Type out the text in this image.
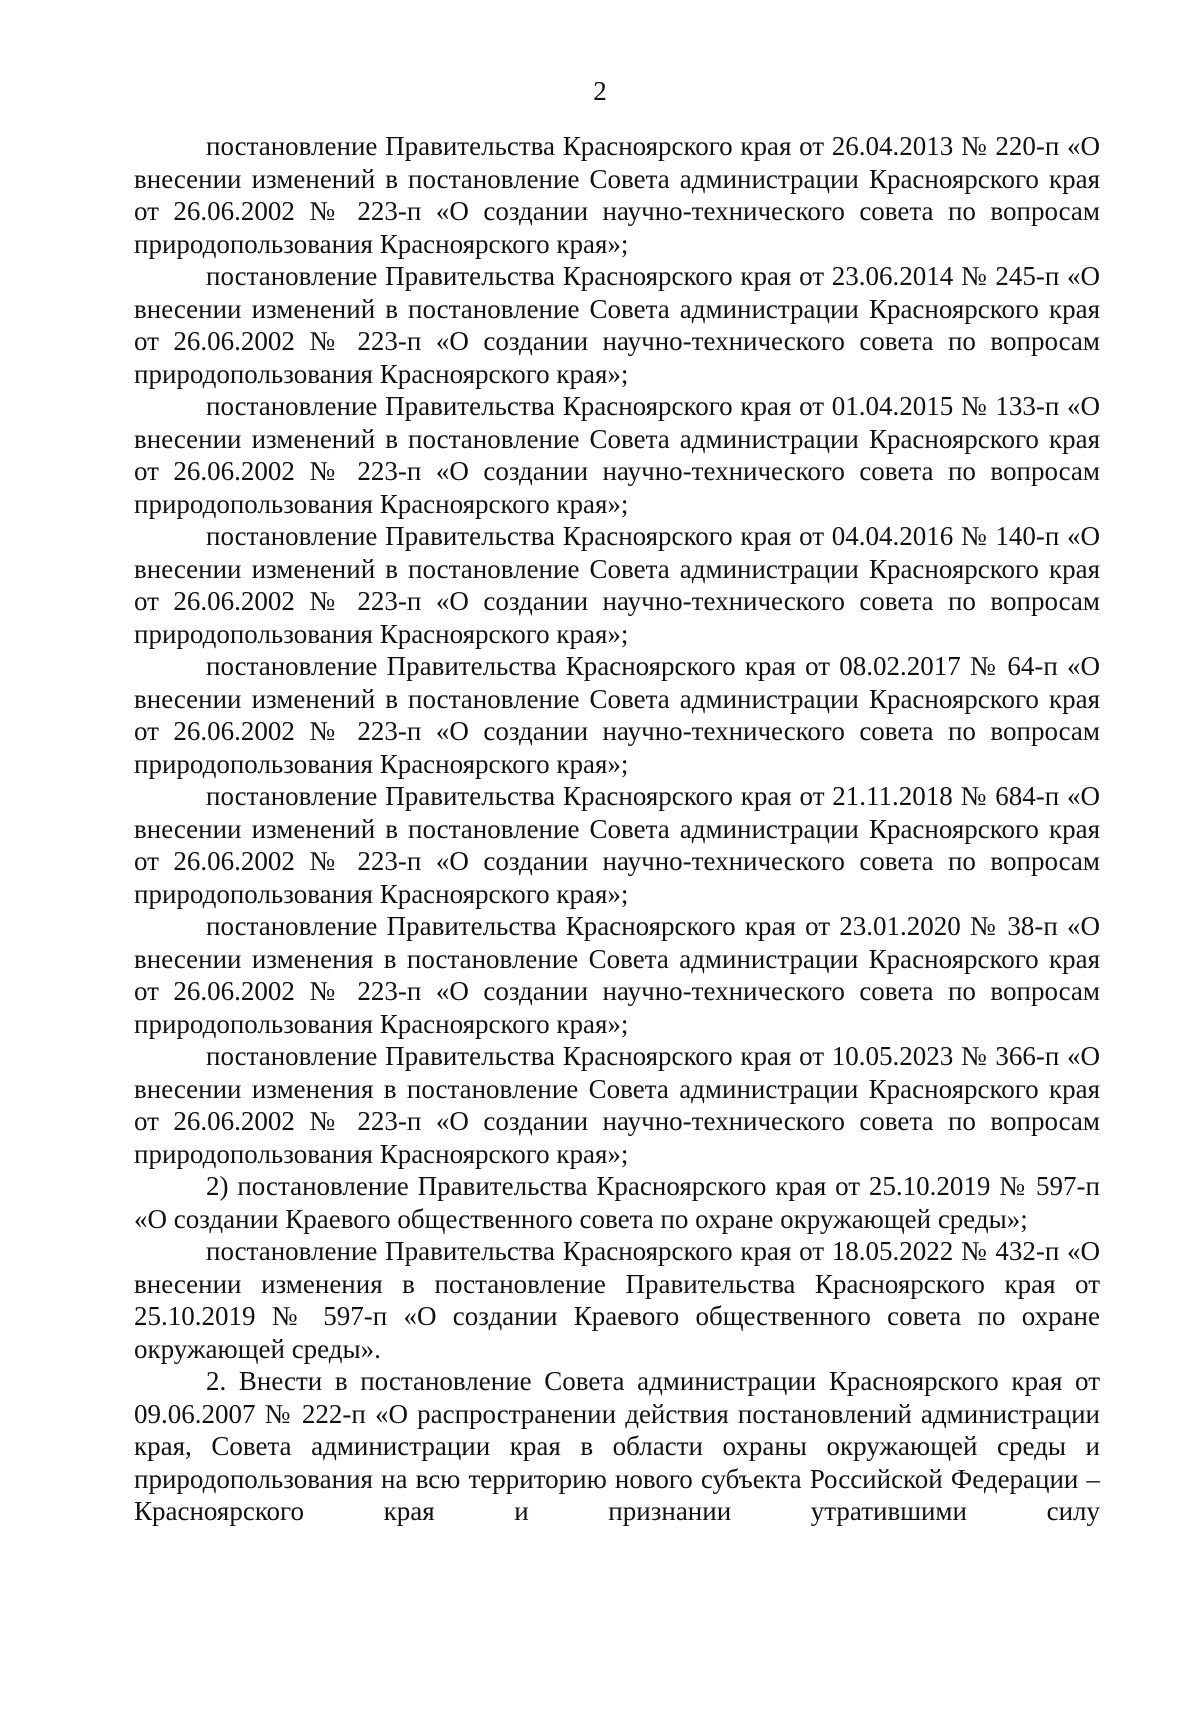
2

постановление Правительства Красноярского края от 26.04.2013 № 220-п «О внесении изменений в постановление Совета администрации Красноярского края от 26.06.2002 № 223-п «О создании научно-технического совета по вопросам природопользования Красноярского края»;

постановление Правительства Красноярского края от 23.06.2014 № 245-п «О внесении изменений в постановление Совета администрации Красноярского края от 26.06.2002 № 223-п «О создании научно-технического совета по вопросам природопользования Красноярского края»;

постановление Правительства Красноярского края от 01.04.2015 № 133-п «О внесении изменений в постановление Совета администрации Красноярского края от 26.06.2002 № 223-п «О создании научно-технического совета по вопросам природопользования Красноярского края»;

постановление Правительства Красноярского края от 04.04.2016 № 140-п «О внесении изменений в постановление Совета администрации Красноярского края от 26.06.2002 № 223-п «О создании научно-технического совета по вопросам природопользования Красноярского края»;

постановление Правительства Красноярского края от 08.02.2017 № 64-п «О внесении изменений в постановление Совета администрации Красноярского края от 26.06.2002 № 223-п «О создании научно-технического совета по вопросам природопользования Красноярского края»;

постановление Правительства Красноярского края от 21.11.2018 № 684-п «О внесении изменений в постановление Совета администрации Красноярского края от 26.06.2002 № 223-п «О создании научно-технического совета по вопросам природопользования Красноярского края»;

постановление Правительства Красноярского края от 23.01.2020 № 38-п «О внесении изменения в постановление Совета администрации Красноярского края от 26.06.2002 № 223-п «О создании научно-технического совета по вопросам природопользования Красноярского края»;

постановление Правительства Красноярского края от 10.05.2023 № 366-п «О внесении изменения в постановление Совета администрации Красноярского края от 26.06.2002 № 223-п «О создании научно-технического совета по вопросам природопользования Красноярского края»;

2) постановление Правительства Красноярского края от 25.10.2019 № 597-п «О создании Краевого общественного совета по охране окружающей среды»;

постановление Правительства Красноярского края от 18.05.2022 № 432-п «О внесении изменения в постановление Правительства Красноярского края от 25.10.2019 № 597-п «О создании Краевого общественного совета по охране окружающей среды».

2. Внести в постановление Совета администрации Красноярского края от 09.06.2007 № 222-п «О распространении действия постановлений администрации края, Совета администрации края в области охраны окружающей среды и природопользования на всю территорию нового субъекта Российской Федерации – Красноярского края и признании утратившими силу
